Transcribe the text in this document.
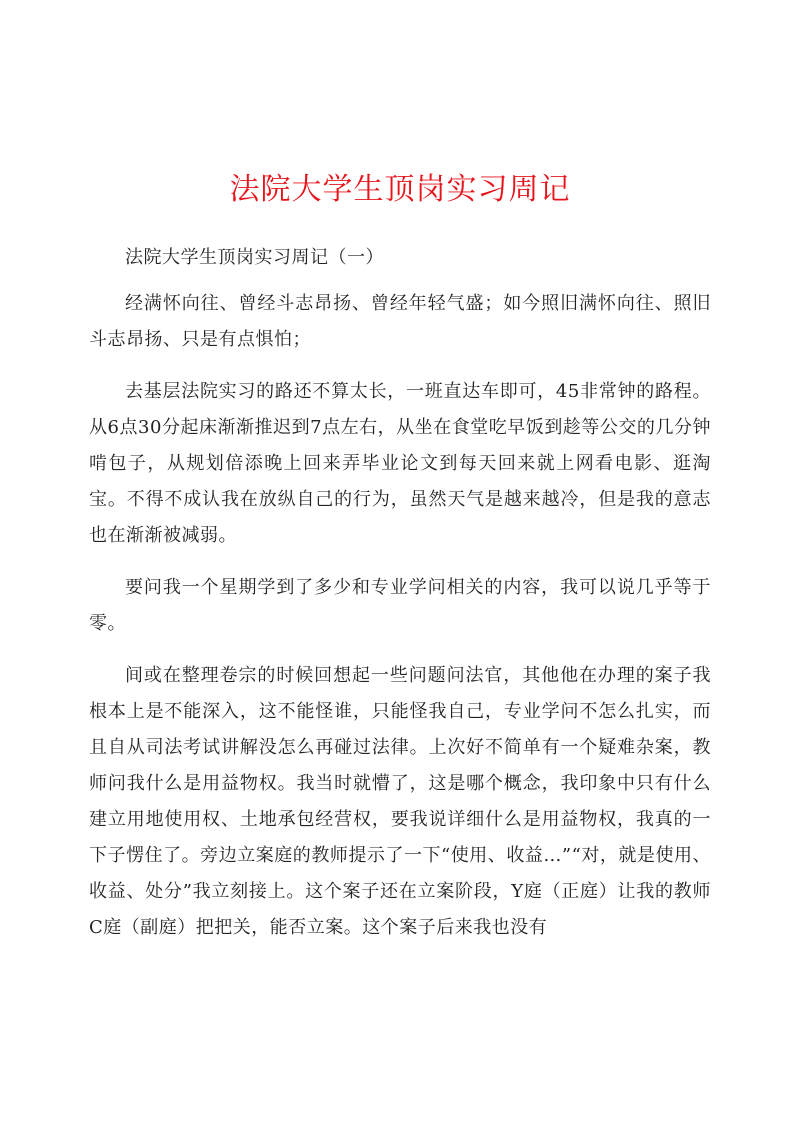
法院大学生顶岗实习周记

法院大学生顶岗实习周记（一）

经满怀向往、曾经斗志昂扬、曾经年轻气盛；如今照旧满怀向往、照旧斗志昂扬、只是有点惧怕；

去基层法院实习的路还不算太长，一班直达车即可，45非常钟的路程。从6点30分起床渐渐推迟到7点左右，从坐在食堂吃早饭到趁等公交的几分钟啃包子，从规划倍添晚上回来弄毕业论文到每天回来就上网看电影、逛淘宝。不得不成认我在放纵自己的行为，虽然天气是越来越冷，但是我的意志也在渐渐被减弱。

要问我一个星期学到了多少和专业学问相关的内容，我可以说几乎等于零。

间或在整理卷宗的时候回想起一些问题问法官，其他他在办理的案子我根本上是不能深入，这不能怪谁，只能怪我自己，专业学问不怎么扎实，而且自从司法考试讲解没怎么再碰过法律。上次好不简单有一个疑难杂案，教师问我什么是用益物权。我当时就懵了，这是哪个概念，我印象中只有什么建立用地使用权、土地承包经营权，要我说详细什么是用益物权，我真的一下子愣住了。旁边立案庭的教师提示了一下“使用、收益…”“对，就是使用、收益、处分”我立刻接上。这个案子还在立案阶段，Y庭（正庭）让我的教师C庭（副庭）把把关，能否立案。这个案子后来我也没有
